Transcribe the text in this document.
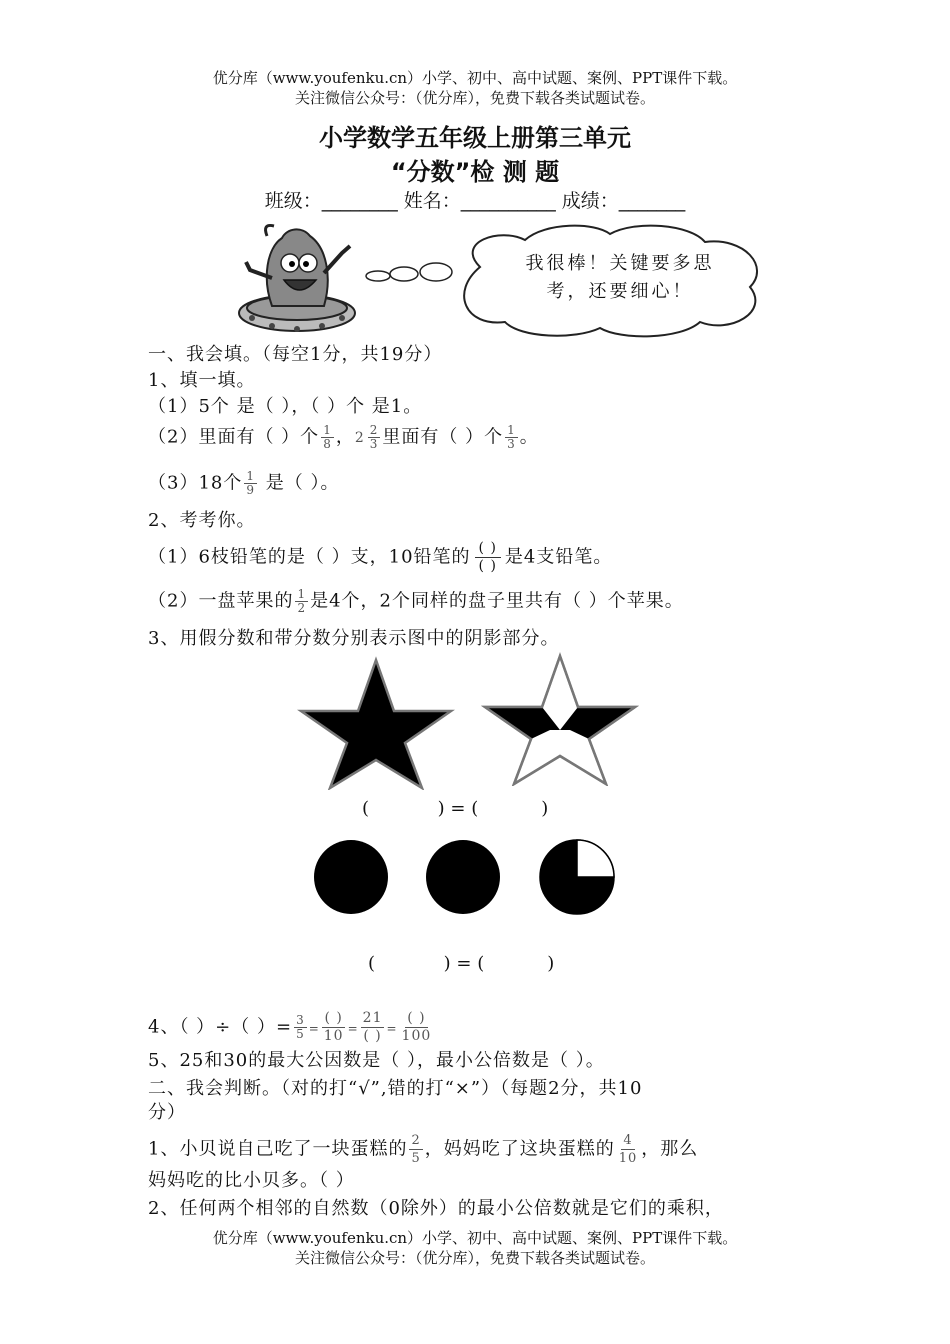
优分库（www.youfenku.cn）小学、初中、高中试题、案例、PPT课件下载。
关注微信公众号：（优分库），免费下载各类试题试卷。
小学数学五年级上册第三单元
“分数”检 测 题
班级：________ 姓名：__________ 成绩：_______
我很棒！关键要多思
考，还要细心！
一、我会填。（每空1分，共19分）
1、填一填。
（1）5个 是（ ），（ ）个 是1。
（2）里面有（ ）个 $\frac{1}{8}$ ， $2 \frac{2}{3}$ 里面有（ ）个 $\frac{1}{3}$ 。
（3）18个 $\frac{1}{9}$ 是（ ）。
2、考考你。
（1）6枝铅笔的是（ ）支，10铅笔的 ( )
( ) 是4支铅笔。
（2）一盘苹果的 $\frac{1}{2}$ 是4个，2个同样的盘子里共有（ ）个苹果。
3、用假分数和带分数分别表示图中的阴影部分。
(            ) = (           )
(            ) = (           )
4、（ ）÷（ ）= $\frac{3}{5} = \frac{( )}{10} = \frac{21}{( )} = \frac{( )}{100}$
5、25和30的最大公因数是（ ），最小公倍数是（ ）。
二、我会判断。（对的打“√”,错的打“×”）（每题2分，共10
分）
1、小贝说自己吃了一块蛋糕的 $\frac{2}{5}$ ，妈妈吃了这块蛋糕的 $\frac{4}{10}$ ，那么
妈妈吃的比小贝多。（ ）
2、任何两个相邻的自然数（0除外）的最小公倍数就是它们的乘积，
优分库（www.youfenku.cn）小学、初中、高中试题、案例、PPT课件下载。
关注微信公众号：（优分库），免费下载各类试题试卷。
